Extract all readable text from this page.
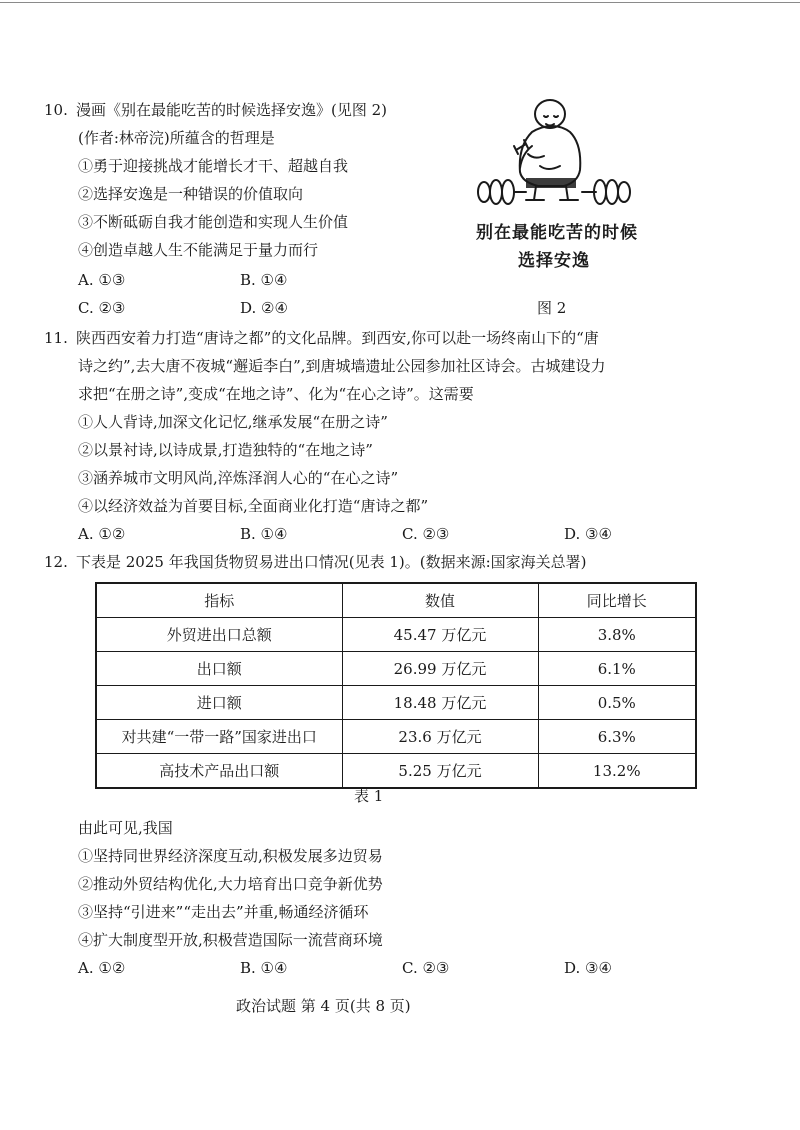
10. 漫画《别在最能吃苦的时候选择安逸》(见图 2)
(作者:林帝浣)所蕴含的哲理是
①勇于迎接挑战才能增长才干、超越自我
②选择安逸是一种错误的价值取向
③不断砥砺自我才能创造和实现人生价值
④创造卓越人生不能满足于量力而行
A. ①③	B. ①④
C. ②③	D. ②④
别在最能吃苦的时候
选择安逸
图 2
11. 陕西西安着力打造“唐诗之都”的文化品牌。到西安,你可以赴一场终南山下的“唐
诗之约”,去大唐不夜城“邂逅李白”,到唐城墙遗址公园参加社区诗会。古城建设力
求把“在册之诗”,变成“在地之诗”、化为“在心之诗”。这需要
①人人背诗,加深文化记忆,继承发展“在册之诗”
②以景衬诗,以诗成景,打造独特的“在地之诗”
③涵养城市文明风尚,淬炼泽润人心的“在心之诗”
④以经济效益为首要目标,全面商业化打造“唐诗之都”
A. ①②	B. ①④	C. ②③	D. ③④
12. 下表是 2025 年我国货物贸易进出口情况(见表 1)。(数据来源:国家海关总署)
指标	数值	同比增长
外贸进出口总额	45.47 万亿元	3.8%
出口额	26.99 万亿元	6.1%
进口额	18.48 万亿元	0.5%
对共建“一带一路”国家进出口	23.6 万亿元	6.3%
高技术产品出口额	5.25 万亿元	13.2%
表 1
由此可见,我国
①坚持同世界经济深度互动,积极发展多边贸易
②推动外贸结构优化,大力培育出口竞争新优势
③坚持“引进来”“走出去”并重,畅通经济循环
④扩大制度型开放,积极营造国际一流营商环境
A. ①②	B. ①④	C. ②③	D. ③④
政治试题 第 4 页(共 8 页)
